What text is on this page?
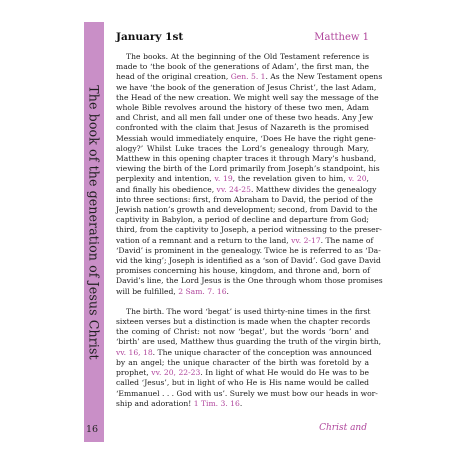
The book of the generation of Jesus Christ
16
January 1st	Matthew 1
The books. At the beginning of the Old Testament reference is
made to ‘the book of the generations of Adam’, the first man, the
head of the original creation, Gen. 5. 1. As the New Testament opens
we have ‘the book of the generation of Jesus Christ’, the last Adam,
the Head of the new creation. We might well say the message of the
whole Bible revolves around the history of these two men, Adam
and Christ, and all men fall under one of these two heads. Any Jew
confronted with the claim that Jesus of Nazareth is the promised
Messiah would immediately enquire, ‘Does He have the right gene-
alogy?’ Whilst Luke traces the Lord’s genealogy through Mary,
Matthew in this opening chapter traces it through Mary’s husband,
viewing the birth of the Lord primarily from Joseph’s standpoint, his
perplexity and intention, v. 19, the revelation given to him, v. 20,
and finally his obedience, vv. 24-25. Matthew divides the genealogy
into three sections: first, from Abraham to David, the period of the
Jewish nation’s growth and development; second, from David to the
captivity in Babylon, a period of decline and departure from God;
third, from the captivity to Joseph, a period witnessing to the preser-
vation of a remnant and a return to the land, vv. 2-17. The name of
‘David’ is prominent in the genealogy. Twice he is referred to as ‘Da-
vid the king’; Joseph is identified as a ‘son of David’. God gave David
promises concerning his house, kingdom, and throne and, born of
David’s line, the Lord Jesus is the One through whom those promises
will be fulfilled, 2 Sam. 7. 16.
The birth. The word ‘begat’ is used thirty-nine times in the first
sixteen verses but a distinction is made when the chapter records
the coming of Christ: not now ‘begat’, but the words ‘born’ and
‘birth’ are used, Matthew thus guarding the truth of the virgin birth,
vv. 16, 18. The unique character of the conception was announced
by an angel; the unique character of the birth was foretold by a
prophet, vv. 20, 22-23. In light of what He would do He was to be
called ‘Jesus’, but in light of who He is His name would be called
‘Emmanuel . . . God with us’. Surely we must bow our heads in wor-
ship and adoration! 1 Tim. 3. 16.
Christ and
